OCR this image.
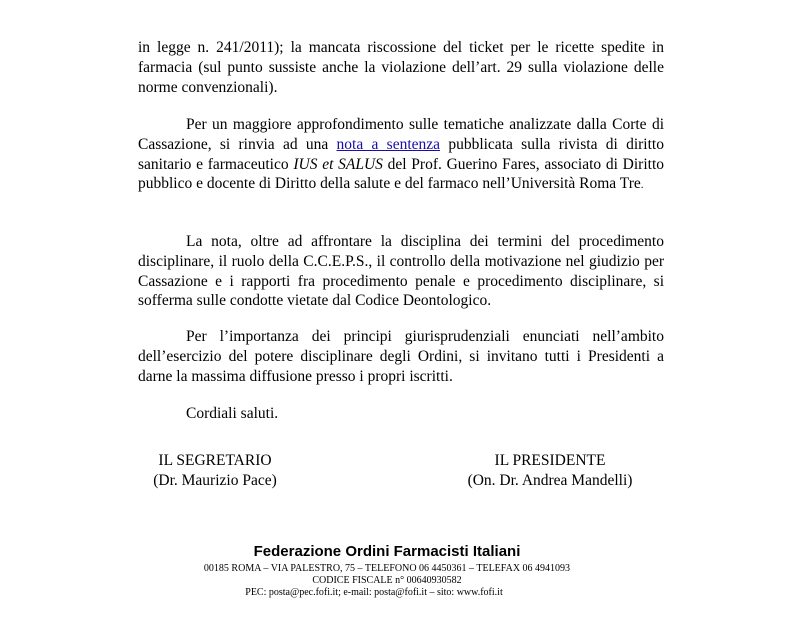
in legge n. 241/2011); la mancata riscossione del ticket per le ricette spedite in farmacia (sul punto sussiste anche la violazione dell’art. 29 sulla violazione delle norme convenzionali).

Per un maggiore approfondimento sulle tematiche analizzate dalla Corte di Cassazione, si rinvia ad una nota a sentenza pubblicata sulla rivista di diritto sanitario e farmaceutico IUS et SALUS del Prof. Guerino Fares, associato di Diritto pubblico e docente di Diritto della salute e del farmaco nell’Università Roma Tre.

La nota, oltre ad affrontare la disciplina dei termini del procedimento disciplinare, il ruolo della C.C.E.P.S., il controllo della motivazione nel giudizio per Cassazione e i rapporti fra procedimento penale e procedimento disciplinare, si sofferma sulle condotte vietate dal Codice Deontologico.

Per l’importanza dei principi giurisprudenziali enunciati nell’ambito dell’esercizio del potere disciplinare degli Ordini, si invitano tutti i Presidenti a darne la massima diffusione presso i propri iscritti.

Cordiali saluti.

IL SEGRETARIO
(Dr. Maurizio Pace)
IL PRESIDENTE
(On. Dr. Andrea Mandelli)
Federazione Ordini Farmacisti Italiani
00185 ROMA – VIA PALESTRO, 75 – TELEFONO 06 4450361 – TELEFAX 06 4941093
CODICE FISCALE n° 00640930582
PEC: posta@pec.fofi.it; e-mail: posta@fofi.it – sito: www.fofi.it
